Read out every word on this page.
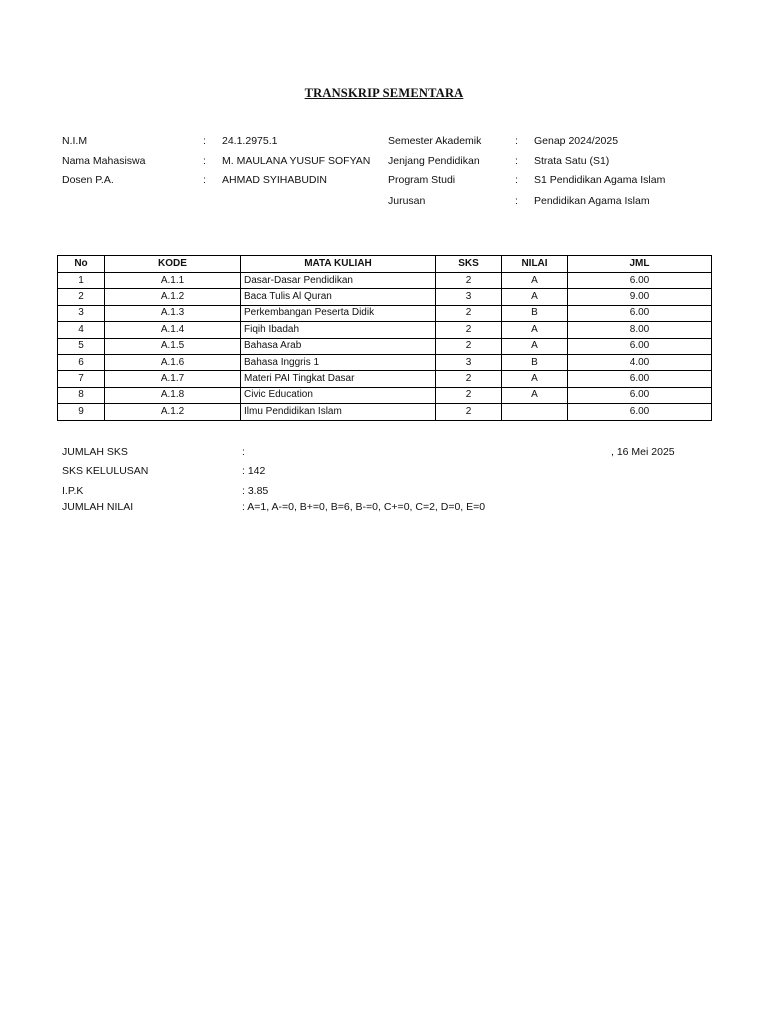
TRANSKRIP SEMENTARA
N.I.M	: 24.1.2975.1
Nama Mahasiswa	: M. MAULANA YUSUF SOFYAN
Dosen P.A.	: AHMAD SYIHABUDIN
Semester Akademik	: Genap 2024/2025
Jenjang Pendidikan	: Strata Satu (S1)
Program Studi	: S1 Pendidikan Agama Islam
Jurusan	: Pendidikan Agama Islam
No	KODE	MATA KULIAH	SKS	NILAI	JML
1	A.1.1	Dasar-Dasar Pendidikan	2	A	6.00
2	A.1.2	Baca Tulis Al Quran	3	A	9.00
3	A.1.3	Perkembangan Peserta Didik	2	B	6.00
4	A.1.4	Fiqih Ibadah	2	A	8.00
5	A.1.5	Bahasa Arab	2	A	6.00
6	A.1.6	Bahasa Inggris 1	3	B	4.00
7	A.1.7	Materi PAI Tingkat Dasar	2	A	6.00
8	A.1.8	Civic Education	2	A	6.00
9	A.1.2	Ilmu Pendidikan Islam	2		6.00
JUMLAH SKS	:
SKS KELULUSAN	: 142
I.P.K	: 3.85
JUMLAH NILAI	: A=1, A-=0, B+=0, B=6, B-=0, C+=0, C=2, D=0, E=0
, 16 Mei 2025
